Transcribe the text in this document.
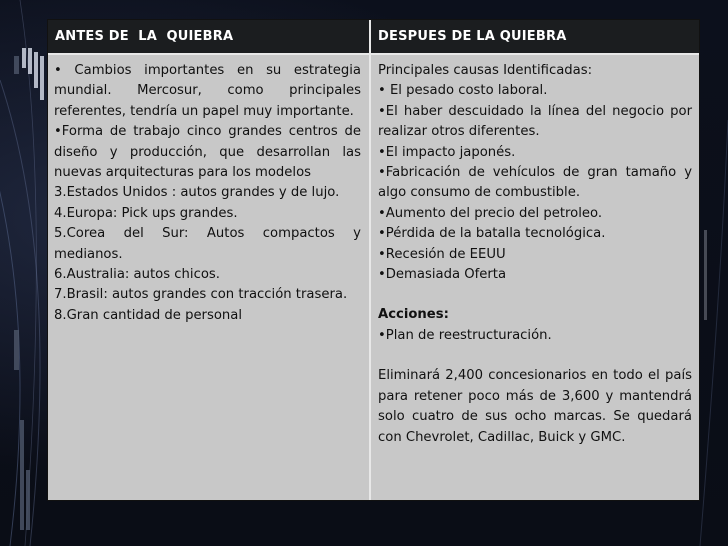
ANTES DE  LA  QUIEBRA	DESPUES DE LA QUIEBRA

• Cambios importantes en su estrategia mundial. Mercosur, como principales referentes, tendría un papel muy importante.

•Forma de trabajo cinco grandes centros de diseño y producción, que desarrollan las nuevas arquitecturas para los modelos

3.Estados Unidos : autos grandes y de lujo.

4.Europa: Pick ups grandes.

5.Corea del Sur: Autos compactos y medianos.

6.Australia: autos chicos.

7.Brasil: autos grandes con tracción trasera.

8.Gran cantidad de personal

Principales causas Identificadas:

• El pesado costo laboral.

•El haber descuidado la línea del negocio por realizar otros diferentes.

•El impacto japonés.

•Fabricación de vehículos de gran tamaño y algo consumo de combustible.

•Aumento del precio del petroleo.

•Pérdida de la batalla tecnológica.

•Recesión de EEUU

•Demasiada Oferta

Acciones:

•Plan de reestructuración.

Eliminará 2,400 concesionarios en todo el país para retener poco más de 3,600 y mantendrá solo cuatro de sus ocho marcas. Se quedará con Chevrolet, Cadillac, Buick y GMC.
